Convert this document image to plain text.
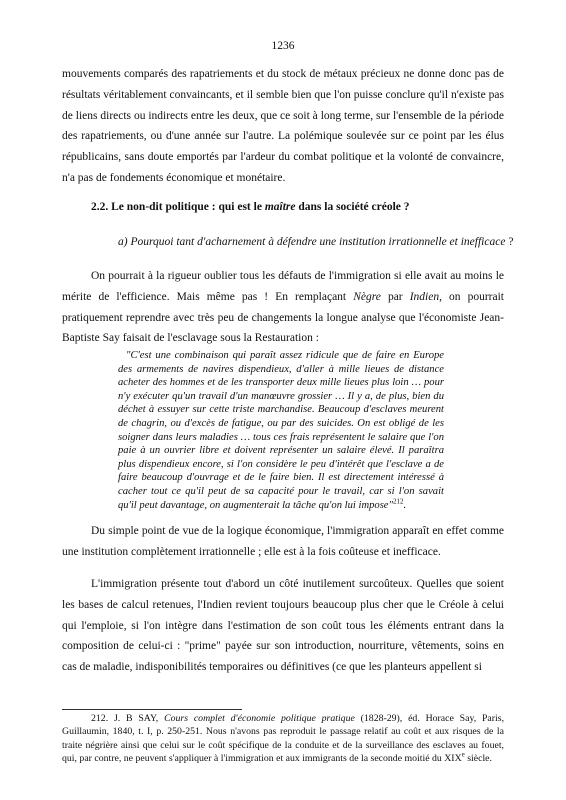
1236

mouvements comparés des rapatriements et du stock de métaux précieux ne donne donc pas de résultats véritablement convaincants, et il semble bien que l'on puisse conclure qu'il n'existe pas de liens directs ou indirects entre les deux, que ce soit à long terme, sur l'ensemble de la période des rapatriements, ou d'une année sur l'autre. La polémique soulevée sur ce point par les élus républicains, sans doute emportés par l'ardeur du combat politique et la volonté de convaincre, n'a pas de fondements économique et monétaire.

2.2. Le non-dit politique : qui est le maître dans la société créole ?
a) Pourquoi tant d'acharnement à défendre une institution irrationnelle et inefficace ?

On pourrait à la rigueur oublier tous les défauts de l'immigration si elle avait au moins le mérite de l'efficience. Mais même pas ! En remplaçant Nègre par Indien, on pourrait pratiquement reprendre avec très peu de changements la longue analyse que l'économiste Jean-Baptiste Say faisait de l'esclavage sous la Restauration :

"C'est une combinaison qui paraît assez ridicule que de faire en Europe des armements de navires dispendieux, d'aller à mille lieues de distance acheter des hommes et de les transporter deux mille lieues plus loin … pour n'y exécuter qu'un travail d'un manœuvre grossier … Il y a, de plus, bien du déchet à essuyer sur cette triste marchandise. Beaucoup d'esclaves meurent de chagrin, ou d'excès de fatigue, ou par des suicides. On est obligé de les soigner dans leurs maladies … tous ces frais représentent le salaire que l'on paie à un ouvrier libre et doivent représenter un salaire élevé. Il paraîtra plus dispendieux encore, si l'on considère le peu d'intérêt que l'esclave a de faire beaucoup d'ouvrage et de le faire bien. Il est directement intéressé à cacher tout ce qu'il peut de sa capacité pour le travail, car si l'on savait qu'il peut davantage, on augmenterait la tâche qu'on lui impose"$^{212}$.

Du simple point de vue de la logique économique, l'immigration apparaît en effet comme une institution complètement irrationnelle ; elle est à la fois coûteuse et inefficace.

L'immigration présente tout d'abord un côté inutilement surcoûteux. Quelles que soient les bases de calcul retenues, l'Indien revient toujours beaucoup plus cher que le Créole à celui qui l'emploie, si l'on intègre dans l'estimation de son coût tous les éléments entrant dans la composition de celui-ci : "prime" payée sur son introduction, nourriture, vêtements, soins en cas de maladie, indisponibilités temporaires ou définitives (ce que les planteurs appellent si

212. J. B SAY, Cours complet d'économie politique pratique (1828-29), éd. Horace Say, Paris, Guillaumin, 1840, t. I, p. 250-251. Nous n'avons pas reproduit le passage relatif au coût et aux risques de la traite négrière ainsi que celui sur le coût spécifique de la conduite et de la surveillance des esclaves au fouet, qui, par contre, ne peuvent s'appliquer à l'immigration et aux immigrants de la seconde moitié du XIXe siècle.
